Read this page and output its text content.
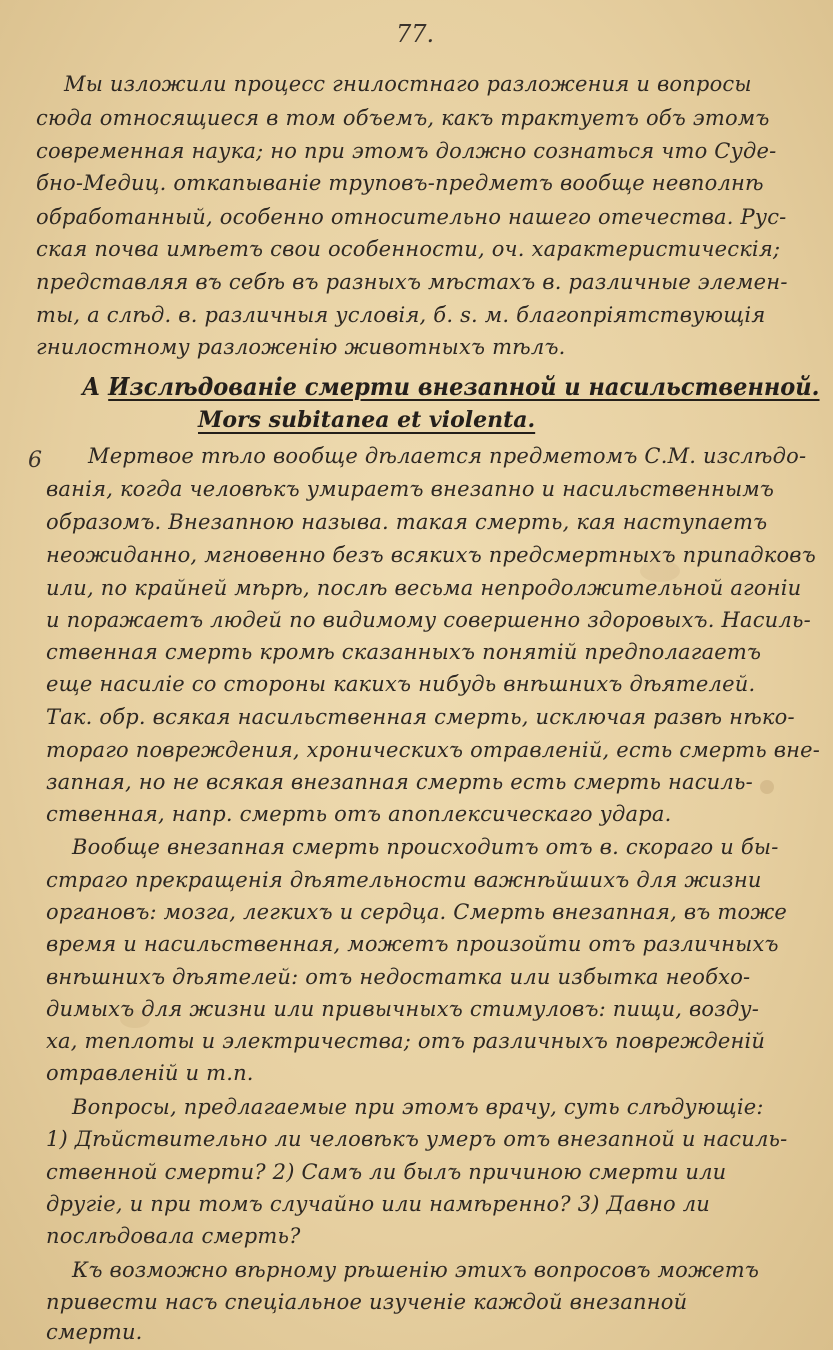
77.
Мы изложили процесс гнилостнаго разложения и вопросы
сюда относящиеся в том объемъ, какъ трактуетъ объ этомъ
современная наука; но при этомъ должно сознаться что Суде-
бно-Медиц. откапываніе труповъ-предметъ вообще невполнѣ
обработанный, особенно относительно нашего отечества. Рус-
ская почва имѣетъ свои особенности, оч. характеристическія;
представляя въ себѣ въ разныхъ мѣстахъ в. различные элемен-
ты, а слѣд. в. различныя условія, б. s. м. благопріятствующія
гнилостному разложенію животныхъ тѣлъ.
А Изслѣдованіе смерти внезапной и насильственной.
Mors subitanea et violenta.
6 Мертвое тѣло вообще дѣлается предметомъ С.М. изслѣдо-
ванія, когда человѣкъ умираетъ внезапно и насильственнымъ
образомъ. Внезапною называ. такая смерть, кая наступаетъ
неожиданно, мгновенно безъ всякихъ предсмертныхъ припадковъ
или, по крайней мѣрѣ, послѣ весьма непродолжительной агоніи
и поражаетъ людей по видимому совершенно здоровыхъ. Насиль-
ственная смерть кромѣ сказанныхъ понятій предполагаетъ
еще насиліе со стороны какихъ нибудь внѣшнихъ дѣятелей.
Так. обр. всякая насильственная смерть, исключая развѣ нѣко-
тораго повреждения, хроническихъ отравленій, есть смерть вне-
запная, но не всякая внезапная смерть есть смерть насиль-
ственная, напр. смерть отъ апоплексическаго удара.
Вообще внезапная смерть происходитъ отъ в. скораго и бы-
страго прекращенія дѣятельности важнѣйшихъ для жизни
органовъ: мозга, легкихъ и сердца. Смерть внезапная, въ тоже
время и насильственная, можетъ произойти отъ различныхъ
внѣшнихъ дѣятелей: отъ недостатка или избытка необхо-
димыхъ для жизни или привычныхъ стимуловъ: пищи, возду-
ха, теплоты и электричества; отъ различныхъ поврежденій
отравленій и т.п.
Вопросы, предлагаемые при этомъ врачу, суть слѣдующіе:
1) Дѣйствительно ли человѣкъ умеръ отъ внезапной и насиль-
ственной смерти? 2) Самъ ли былъ причиною смерти или
другіе, и при томъ случайно или намѣренно? 3) Давно ли
послѣдовала смерть?
Къ возможно вѣрному рѣшенію этихъ вопросовъ можетъ
привести насъ спеціальное изученіе каждой внезапной
смерти.
